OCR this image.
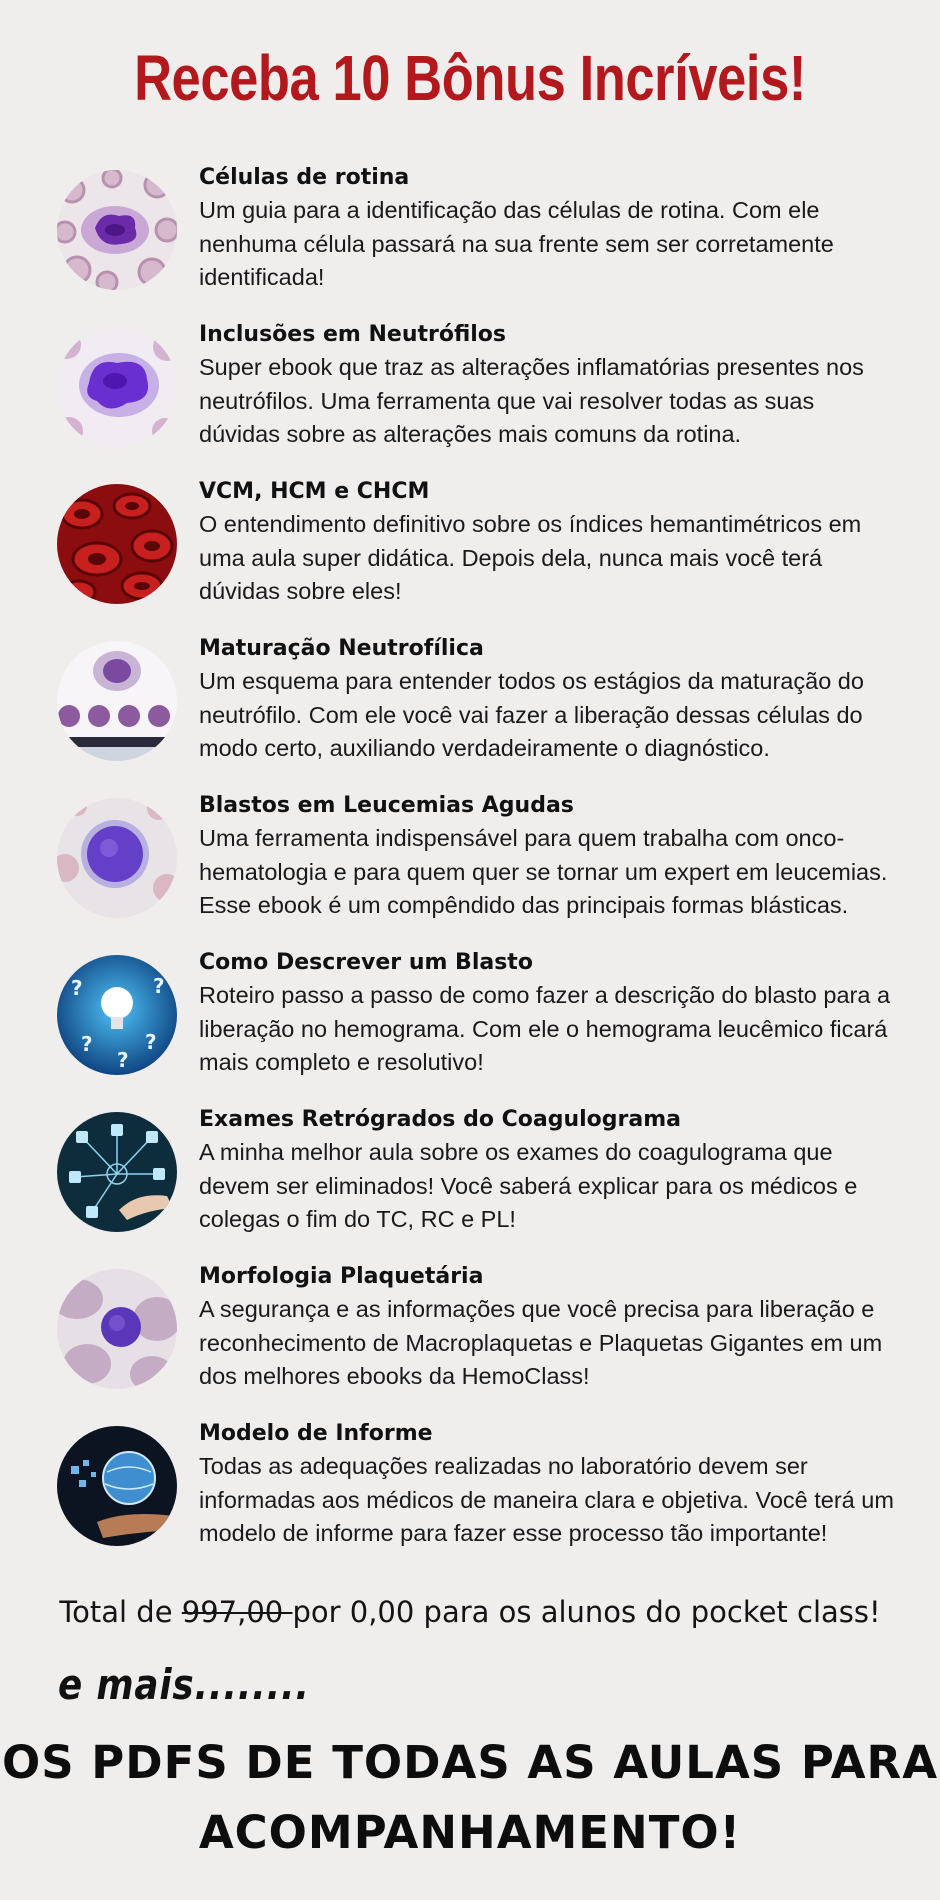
Receba 10 Bônus Incríveis!

Células de rotina

Um guia para a identificação das células de rotina. Com ele nenhuma célula passará na sua frente sem ser corretamente identificada!

Inclusões em Neutrófilos

Super ebook que traz as alterações inflamatórias presentes nos neutrófilos. Uma ferramenta que vai resolver todas as suas dúvidas sobre as alterações mais comuns da rotina.

VCM, HCM e CHCM

O entendimento definitivo sobre os índices hemantimétricos em uma aula super didática. Depois dela, nunca mais você terá dúvidas sobre eles!

Maturação Neutrofílica

Um esquema para entender todos os estágios da maturação do neutrófilo. Com ele você vai fazer a liberação dessas células do modo certo, auxiliando verdadeiramente o diagnóstico.

Blastos em Leucemias Agudas

Uma ferramenta indispensável para quem trabalha com onco-hematologia e para quem quer se tornar um expert em leucemias. Esse ebook é um compêndido das principais formas blásticas.

?	?
?	?
?

Como Descrever um Blasto

Roteiro passo a passo de como fazer a descrição do blasto para a liberação no hemograma. Com ele o hemograma leucêmico ficará mais completo e resolutivo!

Exames Retrógrados do Coagulograma

A minha melhor aula sobre os exames do coagulograma que devem ser eliminados! Você saberá explicar para os médicos e colegas o fim do TC, RC e PL!

Morfologia Plaquetária

A segurança e as informações que você precisa para liberação e reconhecimento de Macroplaquetas e Plaquetas Gigantes em um dos melhores ebooks da HemoClass!

Modelo de Informe

Todas as adequações realizadas no laboratório devem ser informadas aos médicos de maneira clara e objetiva. Você terá um modelo de informe para fazer esse processo tão importante!

Total de 997,00 por 0,00 para os alunos do pocket class!
e mais........
OS PDFS DE TODAS AS AULAS PARA
ACOMPANHAMENTO!
